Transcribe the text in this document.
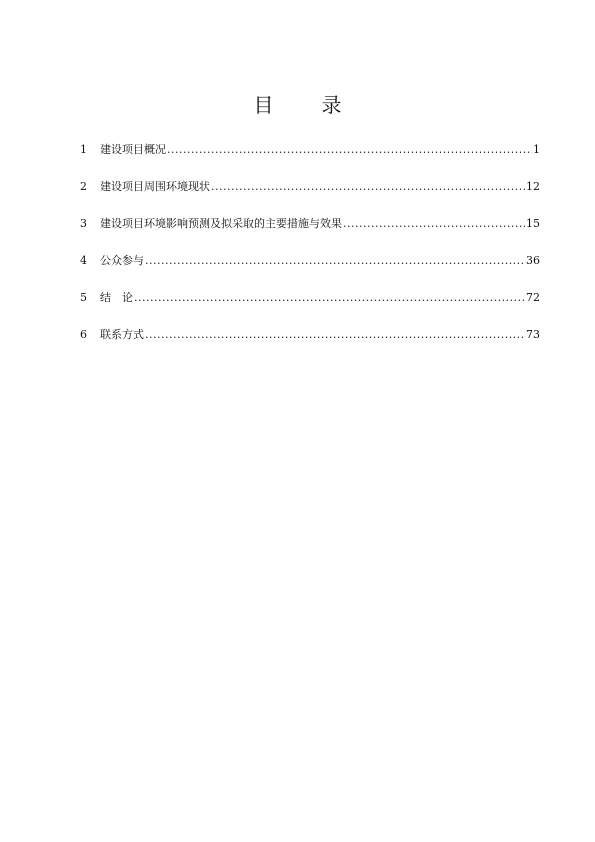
目录
1	建设项目概况 .....	1
2	建设项目周围环境现状 .....	12
3	建设项目环境影响预测及拟采取的主要措施与效果 .....	15
4	公众参与 .....	36
5	结　论 .....	72
6	联系方式 .....	73
